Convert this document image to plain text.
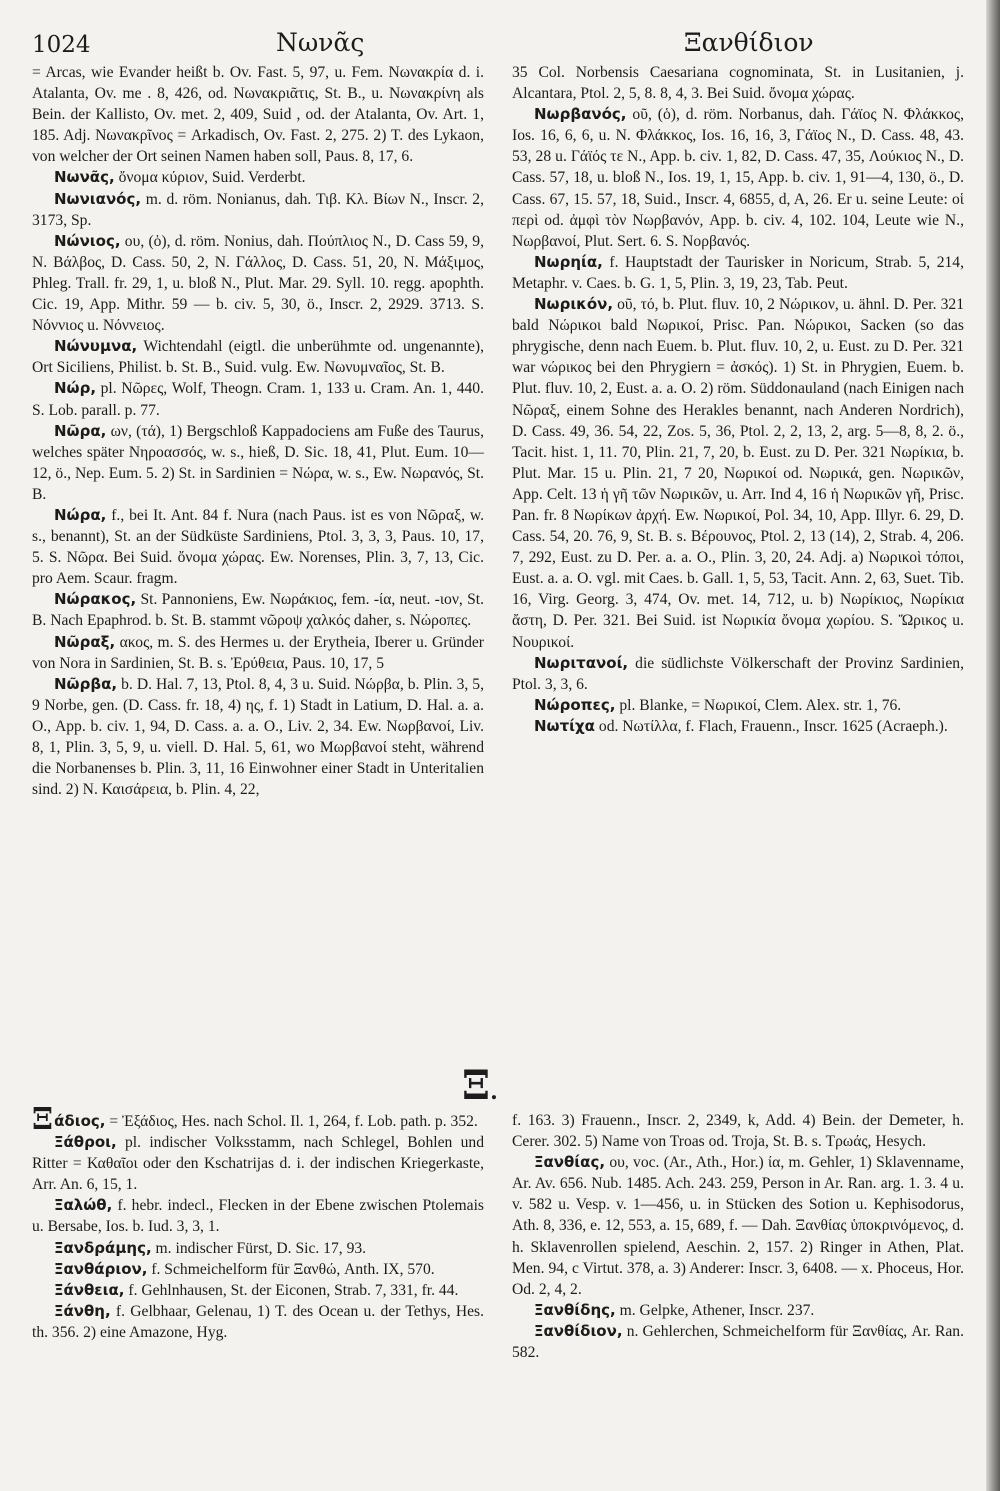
1024	Νωνᾶς	Ξανθίδιον

= Arcas, wie Evander heißt b. Ov. Fast. 5, 97, u. Fem. Νωνακρία d. i. Atalanta, Ov. me . 8, 426, od. Νωνακριᾶτις, St. B., u. Νωνακρίνη als Bein. der Kallisto, Ov. met. 2, 409, Suid , od. der Atalanta, Ov. Art. 1, 185. Adj. Νωνακρῖνος = Arkadisch, Ov. Fast. 2, 275. 2) T. des Lykaon, von welcher der Ort seinen Namen haben soll, Paus. 8, 17, 6.

Νωνᾶς, ὄνομα κύριον, Suid. Verderbt.

Νωνιανός, m. d. röm. Nonianus, dah. Τιβ. Κλ. Βίων N., Inscr. 2, 3173, Sp.

Νώνιος, ου, (ὁ), d. röm. Nonius, dah. Πούπλιος N., D. Cass 59, 9, N. Βάλβος, D. Cass. 50, 2, N. Γάλλος, D. Cass. 51, 20, N. Μάξιμος, Phleg. Trall. fr. 29, 1, u. bloß N., Plut. Mar. 29. Syll. 10. regg. apophth. Cic. 19, App. Mithr. 59 — b. civ. 5, 30, ö., Inscr. 2, 2929. 3713. S. Νόννιος u. Νόννειος.

Νώνυμνα, Wichtendahl (eigtl. die unberühmte od. ungenannte), Ort Siciliens, Philist. b. St. B., Suid. vulg. Ew. Νωνυμναῖος, St. B.

Νώρ, pl. Νῶρες, Wolf, Theogn. Cram. 1, 133 u. Cram. An. 1, 440. S. Lob. parall. p. 77.

Νῶρα, ων, (τά), 1) Bergschloß Kappadociens am Fuße des Taurus, welches später Νηροασσός, w. s., hieß, D. Sic. 18, 41, Plut. Eum. 10—12, ö., Nep. Eum. 5. 2) St. in Sardinien = Νώρα, w. s., Ew. Νωρανός, St. B.

Νώρα, f., bei It. Ant. 84 f. Nura (nach Paus. ist es von Νῶραξ, w. s., benannt), St. an der Südküste Sardiniens, Ptol. 3, 3, 3, Paus. 10, 17, 5. S. Νῶρα. Bei Suid. ὄνομα χώρας. Ew. Norenses, Plin. 3, 7, 13, Cic. pro Aem. Scaur. fragm.

Νώρακος, St. Pannoniens, Ew. Νωράκιος, fem. -ία, neut. -ιον, St. B. Nach Epaphrod. b. St. B. stammt νῶροψ χαλκός daher, s. Νώροπες.

Νῶραξ, ακος, m. S. des Hermes u. der Erytheia, Iberer u. Gründer von Nora in Sardinien, St. B. s. Ἐρύθεια, Paus. 10, 17, 5

Νῶρβα, b. D. Hal. 7, 13, Ptol. 8, 4, 3 u. Suid. Νώρβα, b. Plin. 3, 5, 9 Norbe, gen. (D. Cass. fr. 18, 4) ης, f. 1) Stadt in Latium, D. Hal. a. a. O., App. b. civ. 1, 94, D. Cass. a. a. O., Liv. 2, 34. Ew. Νωρβανοί, Liv. 8, 1, Plin. 3, 5, 9, u. viell. D. Hal. 5, 61, wo Μωρβανοί steht, während die Norbanenses b. Plin. 3, 11, 16 Einwohner einer Stadt in Unteritalien sind. 2) N. Καισάρεια, b. Plin. 4, 22,

35 Col. Norbensis Caesariana cognominata, St. in Lusitanien, j. Alcantara, Ptol. 2, 5, 8. 8, 4, 3. Bei Suid. ὄνομα χώρας.

Νωρβανός, οῦ, (ὁ), d. röm. Norbanus, dah. Γάϊος N. Φλάκκος, Ios. 16, 6, 6, u. N. Φλάκκος, Ios. 16, 16, 3, Γάϊος N., D. Cass. 48, 43. 53, 28 u. Γάϊός τε N., App. b. civ. 1, 82, D. Cass. 47, 35, Λούκιος N., D. Cass. 57, 18, u. bloß N., Ios. 19, 1, 15, App. b. civ. 1, 91—4, 130, ö., D. Cass. 67, 15. 57, 18, Suid., Inscr. 4, 6855, d, A, 26. Er u. seine Leute: οἱ περὶ od. ἀμφὶ τὸν Νωρβανόν, App. b. civ. 4, 102. 104, Leute wie N., Νωρβανοί, Plut. Sert. 6. S. Νορβανός.

Νωρηία, f. Hauptstadt der Taurisker in Noricum, Strab. 5, 214, Metaphr. v. Caes. b. G. 1, 5, Plin. 3, 19, 23, Tab. Peut.

Νωρικόν, οῦ, τό, b. Plut. fluv. 10, 2 Νώρικον, u. ähnl. D. Per. 321 bald Νώρικοι bald Νωρικοί, Prisc. Pan. Νώρικοι, Sacken (so das phrygische, denn nach Euem. b. Plut. fluv. 10, 2, u. Eust. zu D. Per. 321 war νώρικος bei den Phrygiern = ἀσκός). 1) St. in Phrygien, Euem. b. Plut. fluv. 10, 2, Eust. a. a. O. 2) röm. Süddonauland (nach Einigen nach Νῶραξ, einem Sohne des Herakles benannt, nach Anderen Nordrich), D. Cass. 49, 36. 54, 22, Zos. 5, 36, Ptol. 2, 2, 13, 2, arg. 5—8, 8, 2. ö., Tacit. hist. 1, 11. 70, Plin. 21, 7, 20, b. Eust. zu D. Per. 321 Νωρίκια, b. Plut. Mar. 15 u. Plin. 21, 7 20, Νωρικοί od. Νωρικά, gen. Νωρικῶν, App. Celt. 13 ἡ γῆ τῶν Νωρικῶν, u. Arr. Ind 4, 16 ἡ Νωρικῶν γῆ, Prisc. Pan. fr. 8 Νωρίκων ἀρχή. Ew. Νωρικοί, Pol. 34, 10, App. Illyr. 6. 29, D. Cass. 54, 20. 76, 9, St. B. s. Βέρουνος, Ptol. 2, 13 (14), 2, Strab. 4, 206. 7, 292, Eust. zu D. Per. a. a. O., Plin. 3, 20, 24. Adj. a) Νωρικοὶ τόποι, Eust. a. a. O. vgl. mit Caes. b. Gall. 1, 5, 53, Tacit. Ann. 2, 63, Suet. Tib. 16, Virg. Georg. 3, 474, Ov. met. 14, 712, u. b) Νωρίκιος, Νωρίκια ἄστη, D. Per. 321. Bei Suid. ist Νωρικία ὄνομα χωρίου. S. Ὤρικος u. Νουρικοί.

Νωριτανοί, die südlichste Völkerschaft der Provinz Sardinien, Ptol. 3, 3, 6.

Νώροπες, pl. Blanke, = Νωρικοί, Clem. Alex. str. 1, 76.

Νωτίχα od. Νωτίλλα, f. Flach, Frauenn., Inscr. 1625 (Acraeph.).

Ξ.

Ξάδιος, = Ἐξάδιος, Hes. nach Schol. Il. 1, 264, f. Lob. path. p. 352.

Ξάθροι, pl. indischer Volksstamm, nach Schlegel, Bohlen und Ritter = Καθαῖοι oder den Kschatrijas d. i. der indischen Kriegerkaste, Arr. An. 6, 15, 1.

Ξαλώθ, f. hebr. indecl., Flecken in der Ebene zwischen Ptolemais u. Bersabe, Ios. b. Iud. 3, 3, 1.

Ξανδράμης, m. indischer Fürst, D. Sic. 17, 93.

Ξανθάριον, f. Schmeichelform für Ξανθώ, Anth. IX, 570.

Ξάνθεια, f. Gehlnhausen, St. der Eiconen, Strab. 7, 331, fr. 44.

Ξάνθη, f. Gelbhaar, Gelenau, 1) T. des Ocean u. der Tethys, Hes. th. 356. 2) eine Amazone, Hyg.

f. 163. 3) Frauenn., Inscr. 2, 2349, k, Add. 4) Bein. der Demeter, h. Cerer. 302. 5) Name von Troas od. Troja, St. B. s. Τρωάς, Hesych.

Ξανθίας, ου, voc. (Ar., Ath., Hor.) ία, m. Gehler, 1) Sklavenname, Ar. Av. 656. Nub. 1485. Ach. 243. 259, Person in Ar. Ran. arg. 1. 3. 4 u. v. 582 u. Vesp. v. 1—456, u. in Stücken des Sotion u. Kephisodorus, Ath. 8, 336, e. 12, 553, a. 15, 689, f. — Dah. Ξανθίας ὑποκρινόμενος, d. h. Sklavenrollen spielend, Aeschin. 2, 157. 2) Ringer in Athen, Plat. Men. 94, c Virtut. 378, a. 3) Anderer: Inscr. 3, 6408. — x. Phoceus, Hor. Od. 2, 4, 2.

Ξανθίδης, m. Gelpke, Athener, Inscr. 237.

Ξανθίδιον, n. Gehlerchen, Schmeichelform für Ξανθίας, Ar. Ran. 582.
